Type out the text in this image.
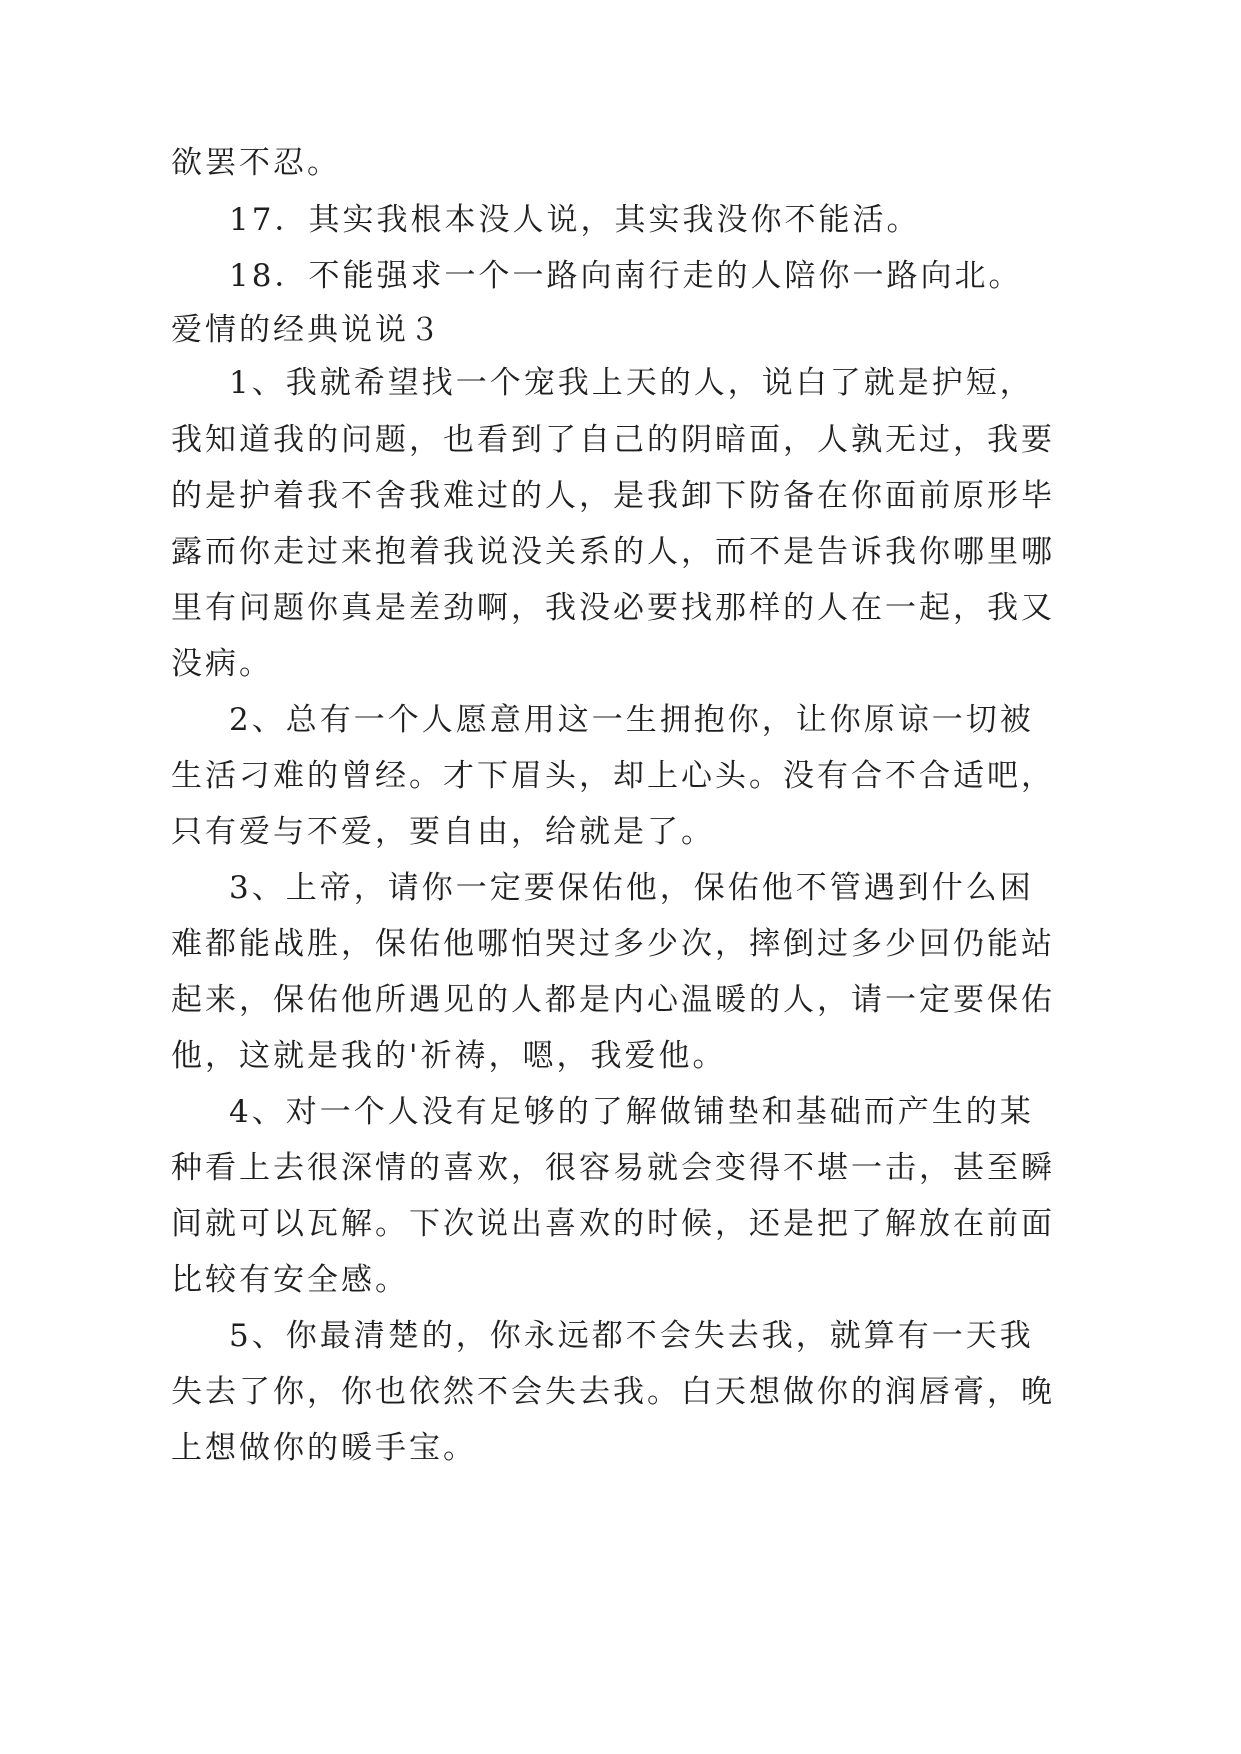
欲罢不忍。
17．其实我根本没人说，其实我没你不能活。
18．不能强求一个一路向南行走的人陪你一路向北。
爱情的经典说说３
1、我就希望找一个宠我上天的人，说白了就是护短，
我知道我的问题，也看到了自己的阴暗面，人孰无过，我要
的是护着我不舍我难过的人，是我卸下防备在你面前原形毕
露而你走过来抱着我说没关系的人，而不是告诉我你哪里哪
里有问题你真是差劲啊，我没必要找那样的人在一起，我又
没病。
2、总有一个人愿意用这一生拥抱你，让你原谅一切被
生活刁难的曾经。才下眉头，却上心头。没有合不合适吧，
只有爱与不爱，要自由，给就是了。
3、上帝，请你一定要保佑他，保佑他不管遇到什么困
难都能战胜，保佑他哪怕哭过多少次，摔倒过多少回仍能站
起来，保佑他所遇见的人都是内心温暖的人，请一定要保佑
他，这就是我的'祈祷，嗯，我爱他。
4、对一个人没有足够的了解做铺垫和基础而产生的某
种看上去很深情的喜欢，很容易就会变得不堪一击，甚至瞬
间就可以瓦解。下次说出喜欢的时候，还是把了解放在前面
比较有安全感。
5、你最清楚的，你永远都不会失去我，就算有一天我
失去了你，你也依然不会失去我。白天想做你的润唇膏，晚
上想做你的暖手宝。
